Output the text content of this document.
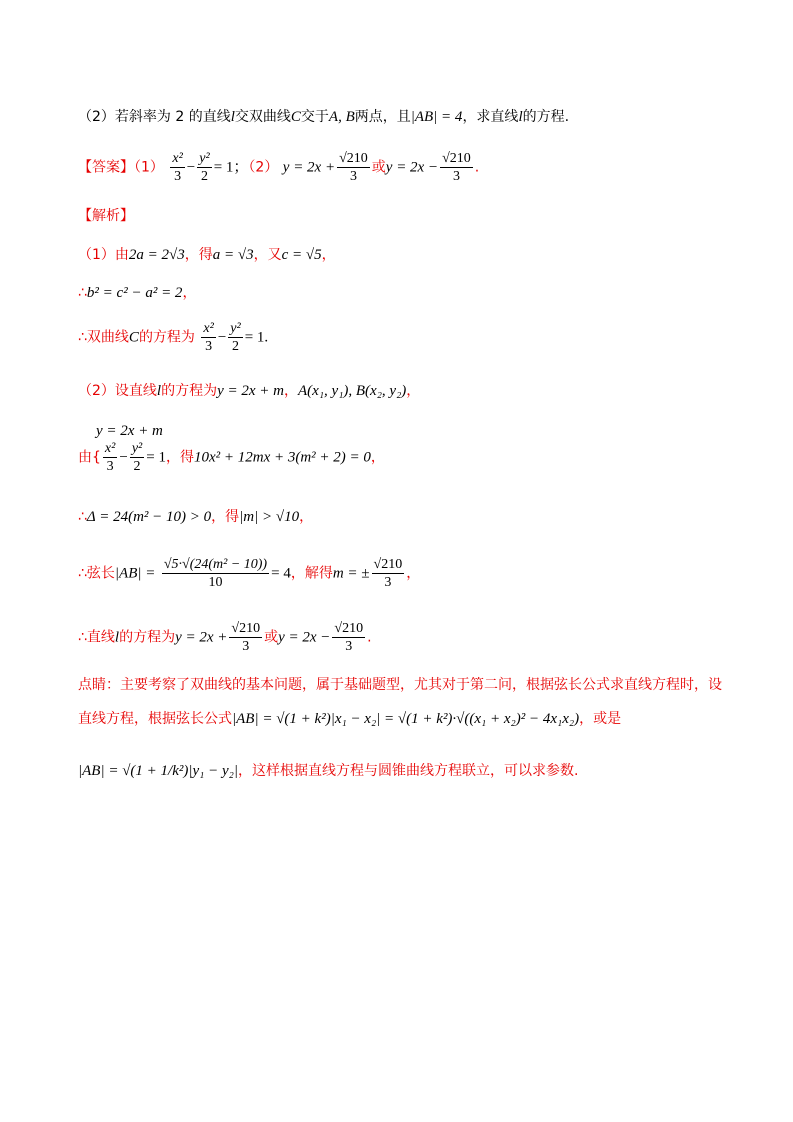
（2）若斜率为 2 的直线l交双曲线C交于A, B两点，且|AB| = 4，求直线l的方程.
【答案】$(1) \frac{\text{x²}}{3} - \frac{\text{y²}}{2} = 1$；（2） $y = 2x + \frac{√210}{3}$ 或$y = 2x - \frac{√210}{3}$ .
【解析】
（1）由2a = 2√3，得a = √3，又c = √5，
∴b² = c² − a² = 2，
∴双曲线C的方程为 $\frac{\text{x²}}{3} - \frac{\text{y²}}{2} = 1$.
（2）设直线l的方程为y = 2x + m，A(x₁, y₁), B(x₂, y₂)，
y = 2x + m
由{ $\frac{\text{x²}}{3} - \frac{\text{y²}}{2} = 1$，得10x² + 12mx + 3(m² + 2) = 0，
∴Δ = 24(m² − 10) > 0，得|m| > √10，
∴弦长$|AB| = \frac{\text{√5·√(24(m² − 10))}}{10} = 4$，解得m = ± $\frac{√210}{3}$ ，
∴直线l的方程为$y = 2x + \frac{√210}{3}$ 或$y = 2x - \frac{√210}{3}$ .
点睛：主要考察了双曲线的基本问题，属于基础题型，尤其对于第二问，根据弦长公式求直线方程时，设
直线方程，根据弦长公式|AB| = √(1 + k²)|x₁ − x₂| = √(1 + k²)·√((x₁ + x₂)² − 4x₁x₂)，或是
|AB| = √(1 + 1/k²)|y₁ − y₂|，这样根据直线方程与圆锥曲线方程联立，可以求参数.
